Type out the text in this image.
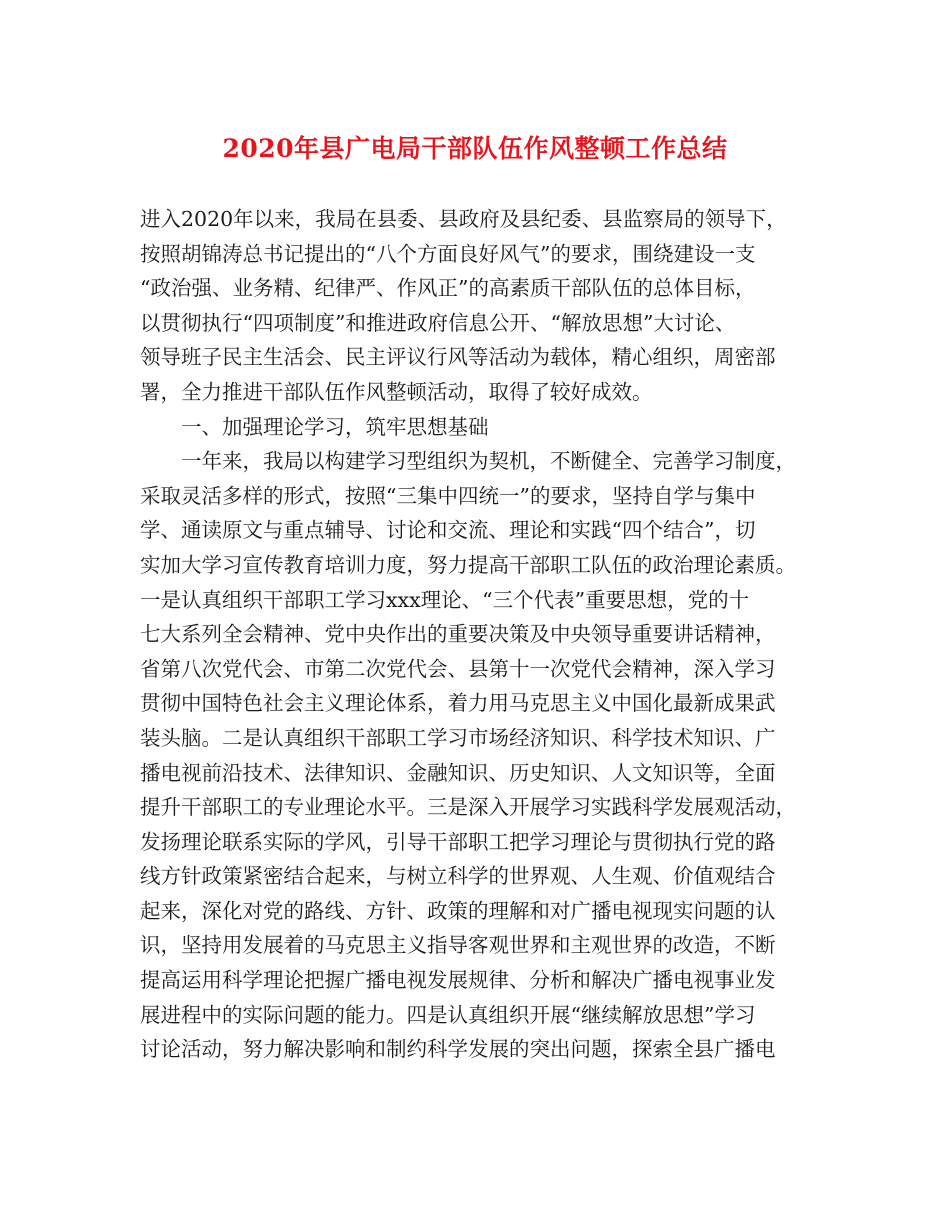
2020年县广电局干部队伍作风整顿工作总结
进入2020年以来，我局在县委、县政府及县纪委、县监察局的领导下，
按照胡锦涛总书记提出的“八个方面良好风气”的要求，围绕建设一支
“政治强、业务精、纪律严、作风正”的高素质干部队伍的总体目标，
以贯彻执行“四项制度”和推进政府信息公开、“解放思想”大讨论、
领导班子民主生活会、民主评议行风等活动为载体，精心组织，周密部
署，全力推进干部队伍作风整顿活动，取得了较好成效。
一、加强理论学习，筑牢思想基础
一年来，我局以构建学习型组织为契机，不断健全、完善学习制度，
采取灵活多样的形式，按照“三集中四统一”的要求，坚持自学与集中
学、通读原文与重点辅导、讨论和交流、理论和实践“四个结合”，切
实加大学习宣传教育培训力度，努力提高干部职工队伍的政治理论素质。
一是认真组织干部职工学习xxx理论、“三个代表”重要思想，党的十
七大系列全会精神、党中央作出的重要决策及中央领导重要讲话精神，
省第八次党代会、市第二次党代会、县第十一次党代会精神，深入学习
贯彻中国特色社会主义理论体系，着力用马克思主义中国化最新成果武
装头脑。二是认真组织干部职工学习市场经济知识、科学技术知识、广
播电视前沿技术、法律知识、金融知识、历史知识、人文知识等，全面
提升干部职工的专业理论水平。三是深入开展学习实践科学发展观活动，
发扬理论联系实际的学风，引导干部职工把学习理论与贯彻执行党的路
线方针政策紧密结合起来，与树立科学的世界观、人生观、价值观结合
起来，深化对党的路线、方针、政策的理解和对广播电视现实问题的认
识，坚持用发展着的马克思主义指导客观世界和主观世界的改造，不断
提高运用科学理论把握广播电视发展规律、分析和解决广播电视事业发
展进程中的实际问题的能力。四是认真组织开展“继续解放思想”学习
讨论活动，努力解决影响和制约科学发展的突出问题，探索全县广播电
